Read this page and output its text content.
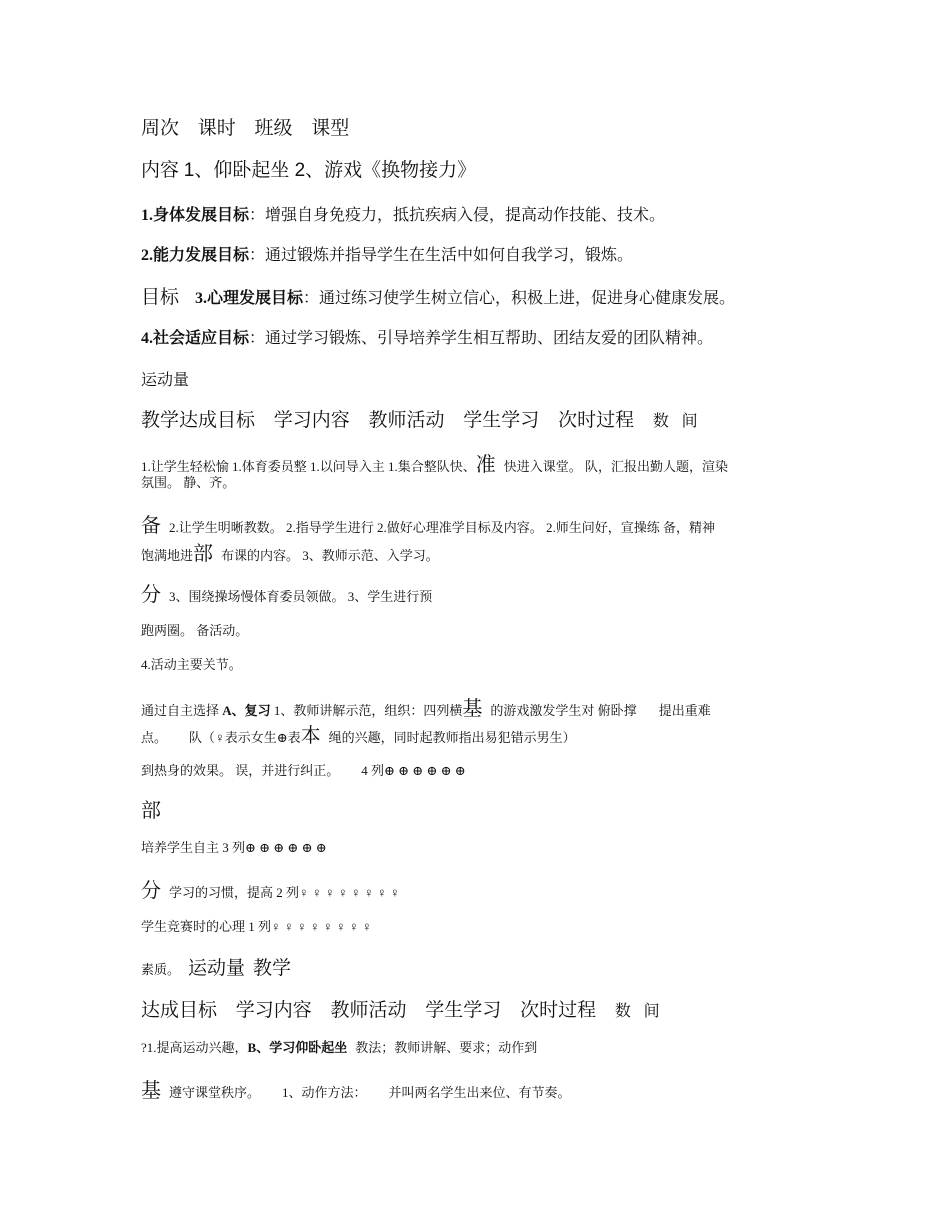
周次 课时 班级 课型
内容 1、仰卧起坐 2、游戏《换物接力》
1.身体发展目标：增强自身免疫力，抵抗疾病入侵，提高动作技能、技术。
2.能力发展目标：通过锻炼并指导学生在生活中如何自我学习，锻炼。
目标 3.心理发展目标：通过练习使学生树立信心，积极上进，促进身心健康发展。
4.社会适应目标：通过学习锻炼、引导培养学生相互帮助、团结友爱的团队精神。
运动量
教学达成目标 学习内容 教师活动 学生学习 次时过程 数 间
1.让学生轻松愉 1.体育委员整 1.以问导入主 1.集合整队快、准 快进入课堂。 队，汇报出勤人题，渲染
氛围。 静、齐。
备 2.让学生明晰教数。 2.指导学生进行 2.做好心理准学目标及内容。 2.师生问好，宣操练 备，精神
饱满地进部 布课的内容。 3、教师示范、入学习。
分 3、围绕操场慢体育委员领做。 3、学生进行预
跑两圈。 备活动。
4.活动主要关节。
通过自主选择 A、复习 1、教师讲解示范，组织：四列横基 的游戏激发学生对 俯卧撑 提出重难
点。 队（♀表示女生⊕表本 绳的兴趣，同时起教师指出易犯错示男生）
到热身的效果。 误，并进行纠正。 4 列⊕ ⊕ ⊕ ⊕ ⊕ ⊕
部
培养学生自主 3 列⊕ ⊕ ⊕ ⊕ ⊕ ⊕
分学习的习惯，提高 2 列♀ ♀ ♀ ♀ ♀ ♀ ♀ ♀
学生竞赛时的心理 1 列♀ ♀ ♀ ♀ ♀ ♀ ♀ ♀
素质。 运动量 教学
达成目标 学习内容 教师活动 学生学习 次时过程 数 间
?1.提高运动兴趣，B、学习仰卧起坐 教法；教师讲解、要求；动作到
基遵守课堂秩序。 1、动作方法： 并叫两名学生出来位、有节奏。
